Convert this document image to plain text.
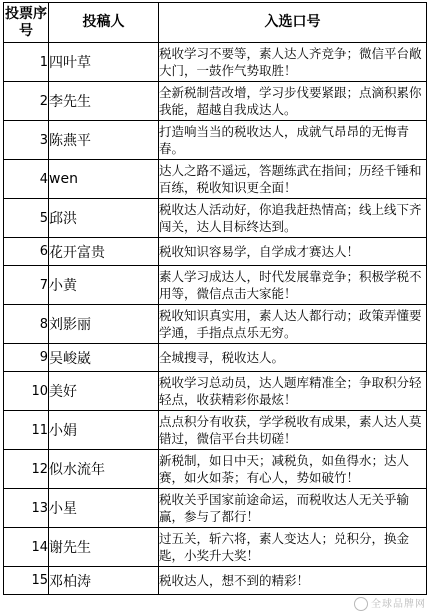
投票序号	投稿人	入选口号
1	四叶草	税收学习不要等，素人达人齐竞争；微信平台敞大门，一鼓作气势取胜！
2	李先生	全新税制营改增，学习步伐要紧跟；点滴积累你我能，超越自我成达人。
3	陈燕平	打造响当当的税收达人，成就气昂昂的无悔青春。
4	wen	达人之路不遥远，答题练武在指间；历经千锤和百练，税收知识更全面！
5	邱洪	税收达人活动好，你追我赶热情高；线上线下齐闯关，达人目标终达到。
6	花开富贵	税收知识容易学，自学成才赛达人！
7	小黄	素人学习成达人，时代发展靠竞争；积极学税不用等，微信点击大家能！
8	刘影丽	税收知识真实用，素人达人都行动；政策弄懂要学通，手指点点乐无穷。
9	吴峻崴	全城搜寻，税收达人。
10	美好	税收学习总动员，达人题库精准全；争取积分轻轻点，收获精彩你最炫！
11	小娟	点点积分有收获，学学税收有成果，素人达人莫错过，微信平台共切磋！
12	似水流年	新税制，如日中天；减税负，如鱼得水；达人赛，如火如荼；有心人，势如破竹！
13	小星	税收关乎国家前途命运，而税收达人无关乎输赢，参与了都行！
14	谢先生	过五关，斩六将，素人变达人；兑积分，换金匙，小奖升大奖！
15	邓柏涛	税收达人，想不到的精彩！
全球品牌网
